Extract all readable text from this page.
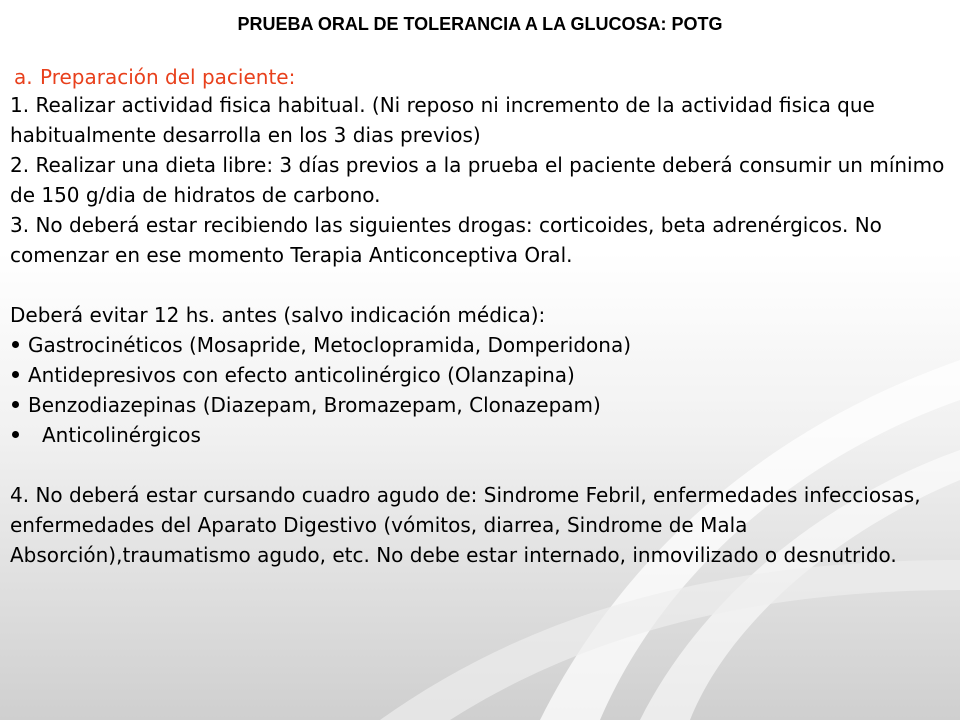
PRUEBA ORAL DE TOLERANCIA A LA GLUCOSA: POTG
a. Preparación del paciente:

1. Realizar actividad fisica habitual. (Ni reposo ni incremento de la actividad fisica que habitualmente desarrolla en los 3 dias previos)

2. Realizar una dieta libre: 3 días previos a la prueba el paciente deberá consumir un mínimo de 150 g/dia de hidratos de carbono.

3. No deberá estar recibiendo las siguientes drogas: corticoides, beta adrenérgicos. No comenzar en ese momento Terapia Anticonceptiva Oral.

Deberá evitar 12 hs. antes (salvo indicación médica):

Gastrocinéticos (Mosapride, Metoclopramida, Domperidona)
Antidepresivos con efecto anticolinérgico (Olanzapina)
Benzodiazepinas (Diazepam, Bromazepam, Clonazepam)
Anticolinérgicos

4. No deberá estar cursando cuadro agudo de: Sindrome Febril, enfermedades infecciosas, enfermedades del Aparato Digestivo (vómitos, diarrea, Sindrome de Mala Absorción),traumatismo agudo, etc. No debe estar internado, inmovilizado o desnutrido.
